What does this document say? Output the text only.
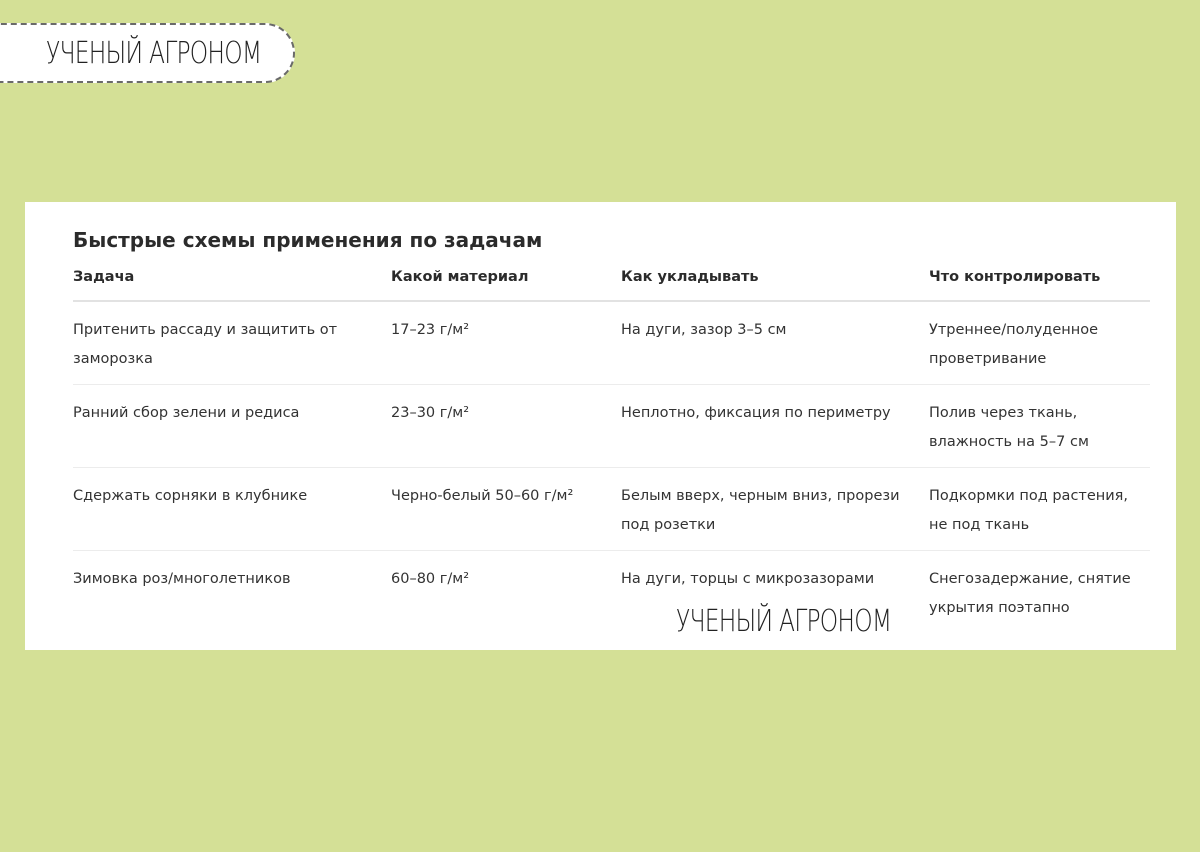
УЧЕНЫЙ АГРОНОМ
Быстрые схемы применения по задачам
Задача	Какой материал	Как укладывать	Что контролировать
Притенить рассаду и защитить от заморозка	17–23 г/м²	На дуги, зазор 3–5 см	Утреннее/полуденное проветривание
Ранний сбор зелени и редиса	23–30 г/м²	Неплотно, фиксация по периметру	Полив через ткань, влажность на 5–7 см
Сдержать сорняки в клубнике	Черно-белый 50–60 г/м²	Белым вверх, черным вниз, прорези под розетки	Подкормки под растения, не под ткань
Зимовка роз/многолетников	60–80 г/м²	На дуги, торцы с микрозазорами	Снегозадержание, снятие укрытия поэтапно
УЧЕНЫЙ АГРОНОМ
